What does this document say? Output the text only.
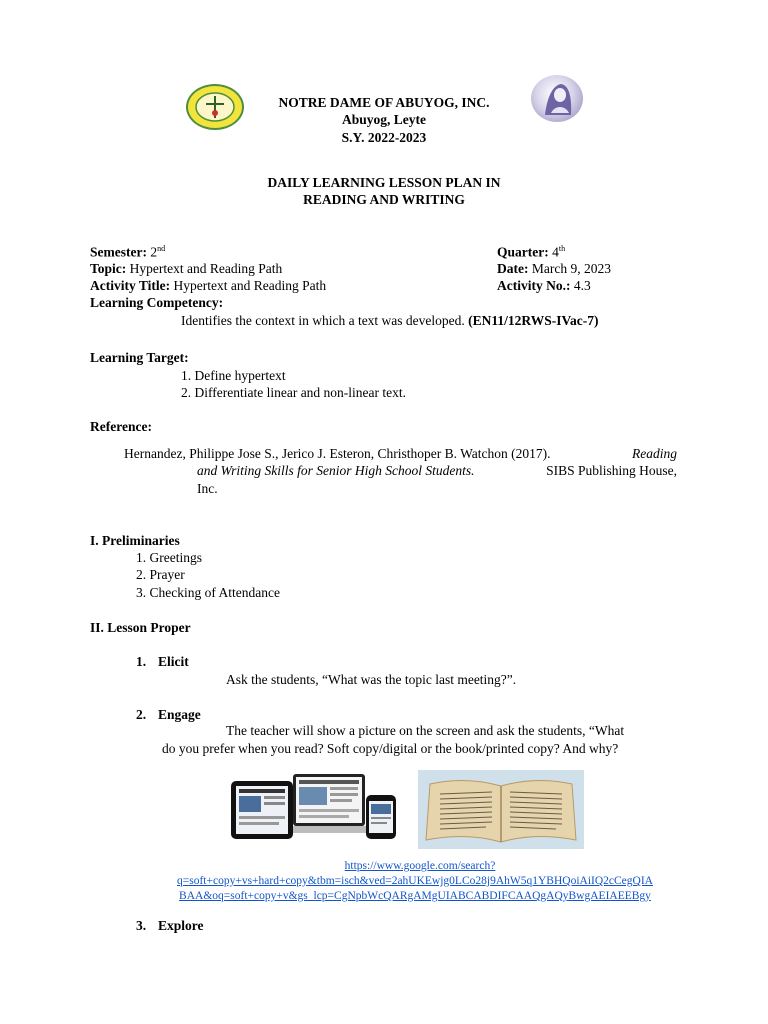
NOTRE DAME OF ABUYOG, INC.
Abuyog, Leyte
S.Y. 2022-2023
DAILY LEARNING LESSON PLAN IN
READING AND WRITING
Semester: 2nd	Quarter: 4th
Topic: Hypertext and Reading Path	Date: March 9, 2023
Activity Title: Hypertext and Reading Path	Activity No.: 4.3
Learning Competency:
Identifies the context in which a text was developed. (EN11/12RWS-IVac-7)
Learning Target:
1. Define hypertext
2. Differentiate linear and non-linear text.
Reference:
Hernandez, Philippe Jose S., Jerico J. Esteron, Christhoper B. Watchon (2017).	Reading
and Writing Skills for Senior High School Students.	SIBS Publishing House,
Inc.
I. Preliminaries
1. Greetings
2. Prayer
3. Checking of Attendance
II. Lesson Proper
1. Elicit
Ask the students, “What was the topic last meeting?”.
2. Engage
The teacher will show a picture on the screen and ask the students, “What
do you prefer when you read? Soft copy/digital or the book/printed copy? And why?
https://www.google.com/search?
q=soft+copy+vs+hard+copy&tbm=isch&ved=2ahUKEwjg0LCo28j9AhW5q1YBHQoiAiIQ2cCegQIA
BAA&oq=soft+copy+v&gs_lcp=CgNpbWcQARgAMgUIABCABDIFCAAQgAQyBwgAEIAEEBgy
3. Explore
